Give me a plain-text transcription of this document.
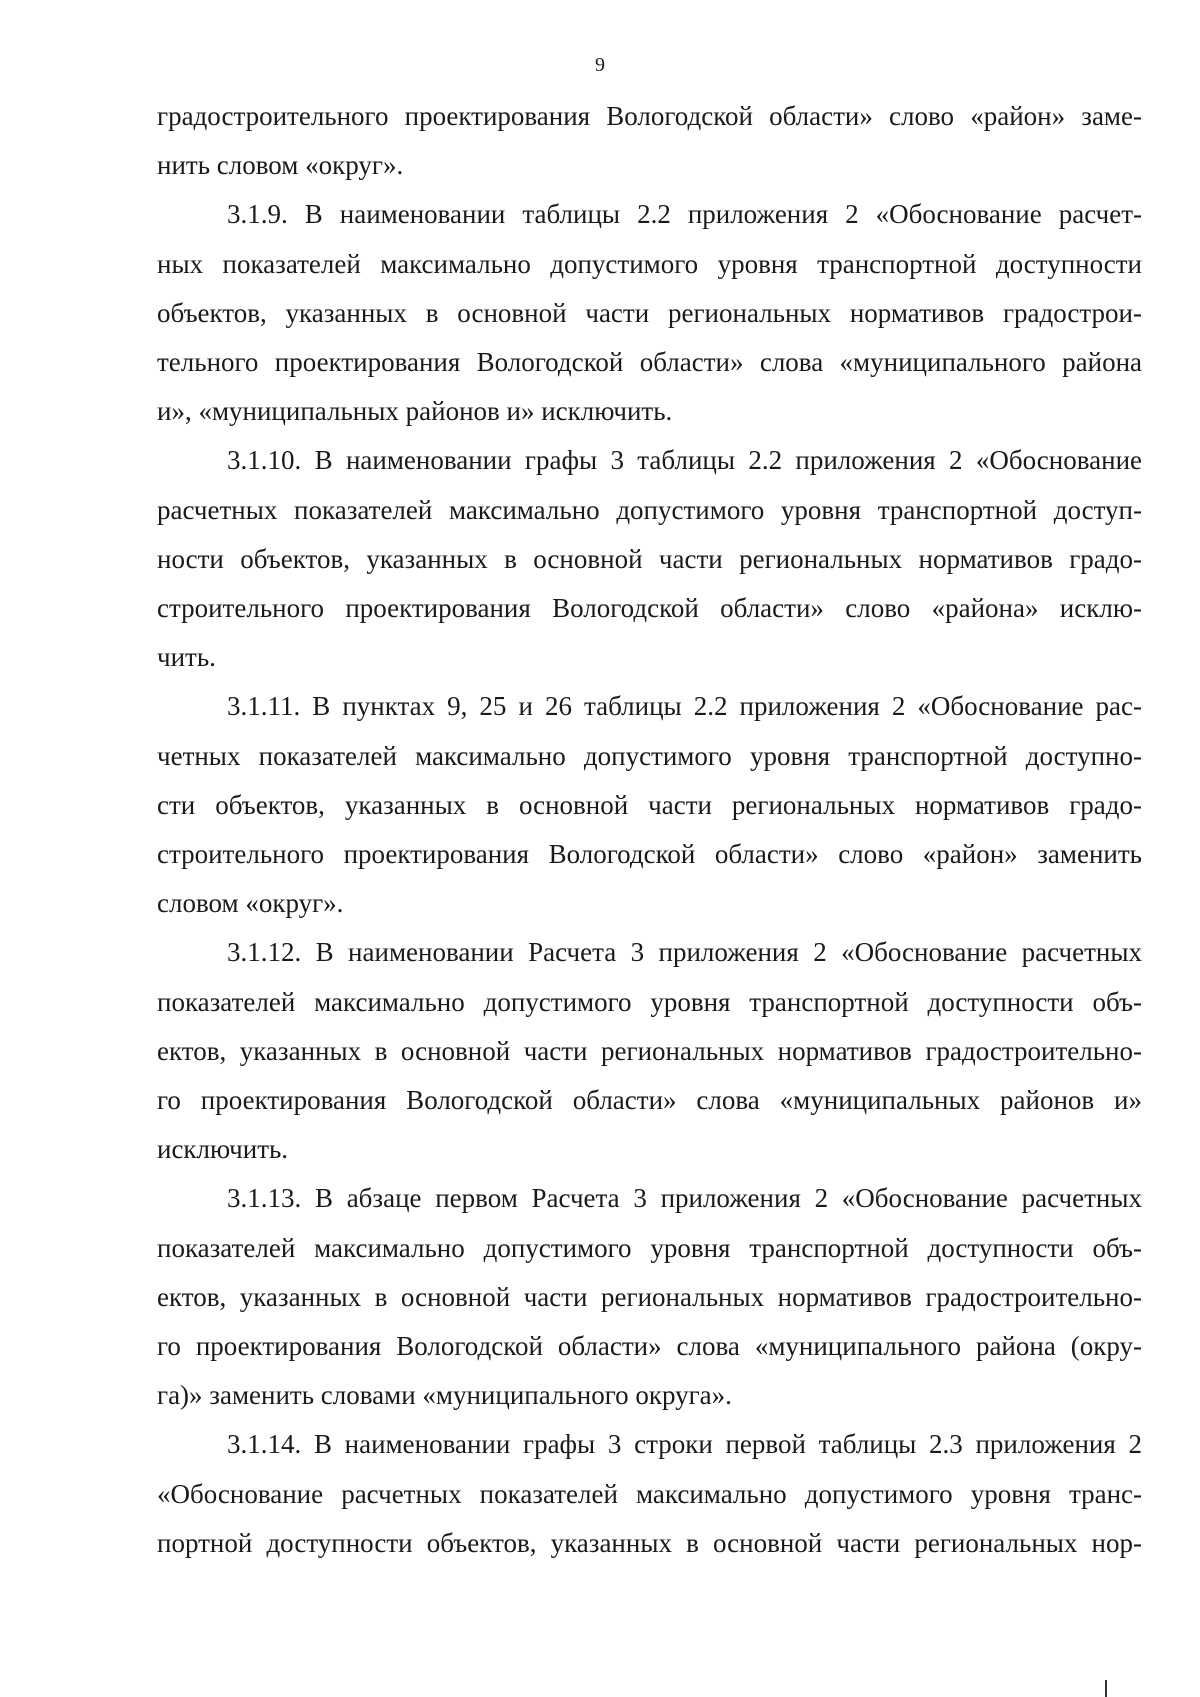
9
градостроительного проектирования Вологодской области» слово «район» заме-
нить словом «округ».
3.1.9. В наименовании таблицы 2.2 приложения 2 «Обоснование расчет-
ных показателей максимально допустимого уровня транспортной доступности
объектов, указанных в основной части региональных нормативов градострои-
тельного проектирования Вологодской области» слова «муниципального района
и», «муниципальных районов и» исключить.
3.1.10. В наименовании графы 3 таблицы 2.2 приложения 2 «Обоснование
расчетных показателей максимально допустимого уровня транспортной доступ-
ности объектов, указанных в основной части региональных нормативов градо-
строительного проектирования Вологодской области» слово «района» исклю-
чить.
3.1.11. В пунктах 9, 25 и 26 таблицы 2.2 приложения 2 «Обоснование рас-
четных показателей максимально допустимого уровня транспортной доступно-
сти объектов, указанных в основной части региональных нормативов градо-
строительного проектирования Вологодской области» слово «район» заменить
словом «округ».
3.1.12. В наименовании Расчета 3 приложения 2 «Обоснование расчетных
показателей максимально допустимого уровня транспортной доступности объ-
ектов, указанных в основной части региональных нормативов градостроительно-
го проектирования Вологодской области» слова «муниципальных районов и»
исключить.
3.1.13. В абзаце первом Расчета 3 приложения 2 «Обоснование расчетных
показателей максимально допустимого уровня транспортной доступности объ-
ектов, указанных в основной части региональных нормативов градостроительно-
го проектирования Вологодской области» слова «муниципального района (окру-
га)» заменить словами «муниципального округа».
3.1.14. В наименовании графы 3 строки первой таблицы 2.3 приложения 2
«Обоснование расчетных показателей максимально допустимого уровня транс-
портной доступности объектов, указанных в основной части региональных нор-
